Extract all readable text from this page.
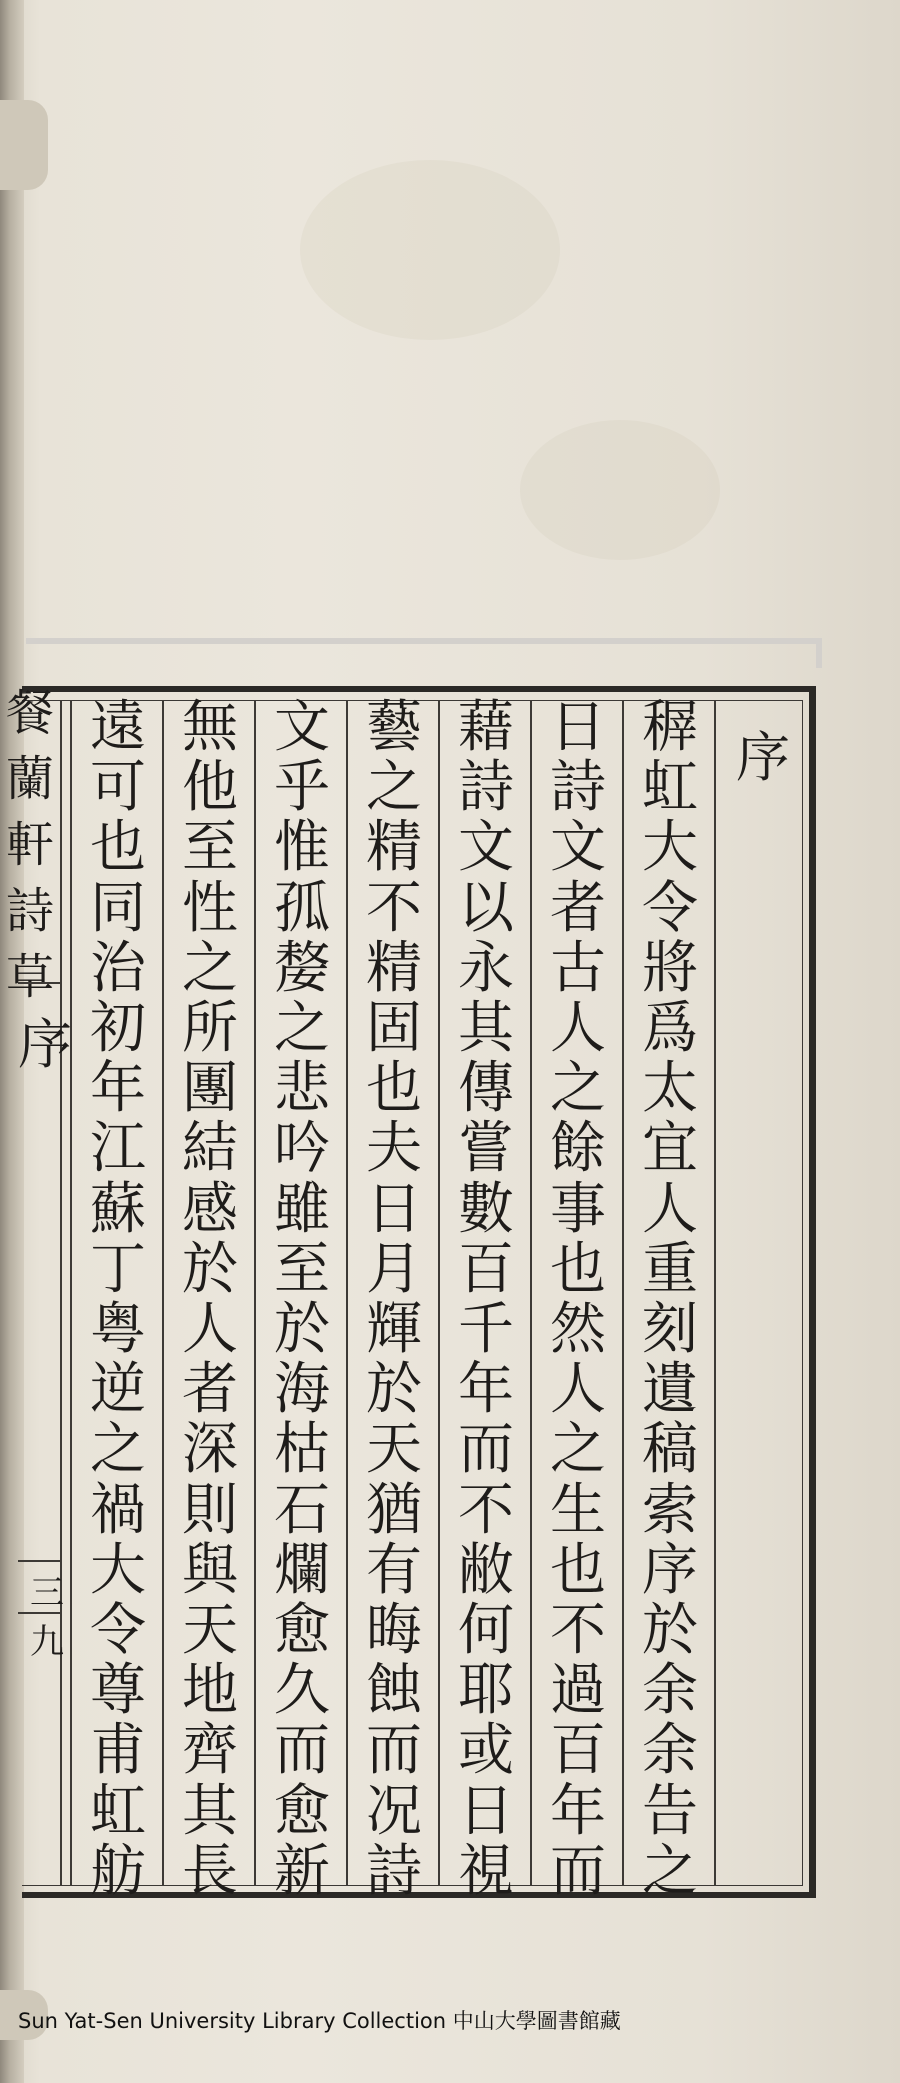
序
稺虹大令將爲太宜人重刻遺稿索序於余余告之
日詩文者古人之餘事也然人之生也不過百年而
藉詩文以永其傳嘗數百千年而不敝何耶或日視
藝之精不精固也夫日月輝於天猶有晦蝕而况詩
文乎惟孤嫠之悲吟雖至於海枯石爛愈久而愈新
無他至性之所團結感於人者深則與天地齊其長
遠可也同治初年江蘇丁粤逆之禍大令尊甫虹舫
餐蘭軒詩草
序
三九
Sun Yat-Sen University Library Collection 中山大學圖書館藏
